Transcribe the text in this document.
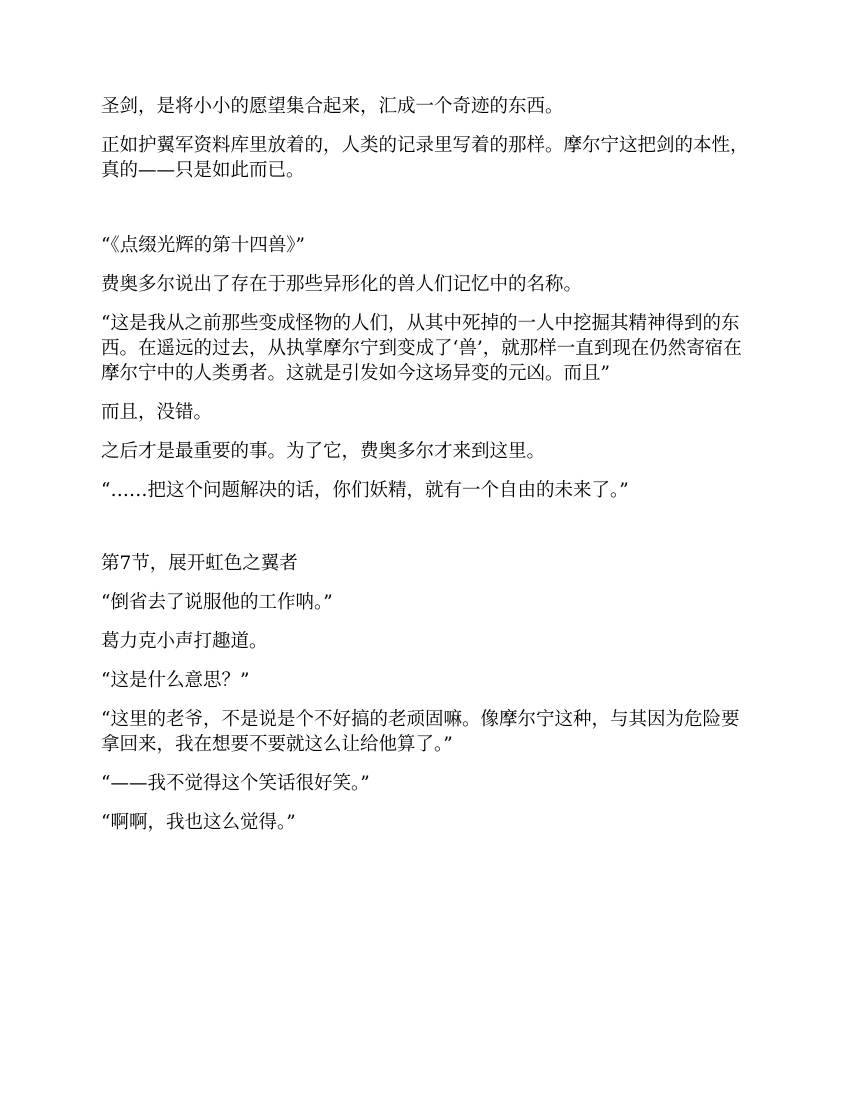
圣剑，是将小小的愿望集合起来，汇成一个奇迹的东西。

正如护翼军资料库里放着的，人类的记录里写着的那样。摩尔宁这把剑的本性，真的——只是如此而已。

“《点缀光辉的第十四兽》”

费奥多尔说出了存在于那些异形化的兽人们记忆中的名称。

“这是我从之前那些变成怪物的人们，从其中死掉的一人中挖掘其精神得到的东西。在遥远的过去，从执掌摩尔宁到变成了‘兽’，就那样一直到现在仍然寄宿在摩尔宁中的人类勇者。这就是引发如今这场异变的元凶。而且”

而且，没错。

之后才是最重要的事。为了它，费奥多尔才来到这里。

“……把这个问题解决的话，你们妖精，就有一个自由的未来了。”

第7节，展开虹色之翼者

“倒省去了说服他的工作呐。”

葛力克小声打趣道。

“这是什么意思？”

“这里的老爷，不是说是个不好搞的老顽固嘛。像摩尔宁这种，与其因为危险要拿回来，我在想要不要就这么让给他算了。”

“——我不觉得这个笑话很好笑。”

“啊啊，我也这么觉得。”
